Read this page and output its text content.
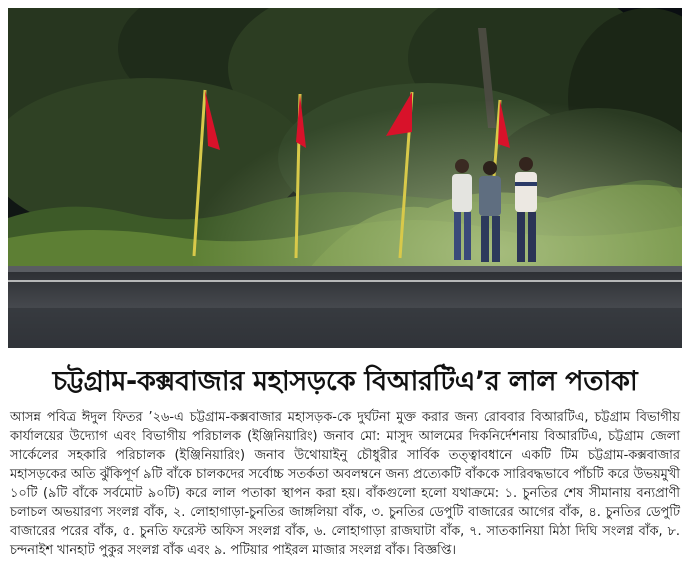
চট্টগ্রাম-কক্সবাজার মহাসড়কে বিআরটিএ’র লাল পতাকা

আসন্ন পবিত্র ঈদুল ফিতর ’২৬-এ চট্টগ্রাম-কক্সবাজার মহাসড়ক-কে দুর্ঘটনা মুক্ত করার জন্য রোববার বিআরটিএ, চট্টগ্রাম বিভাগীয় কার্যালয়ের উদ্যোগ এবং বিভাগীয় পরিচালক (ইঞ্জিনিয়ারিং) জনাব মো: মাসুদ আলমের দিকনির্দেশনায় বিআরটিএ, চট্টগ্রাম জেলা সার্কেলের সহকারি পরিচালক (ইঞ্জিনিয়ারিং) জনাব উথোয়াইনু চৌধুরীর সার্বিক তত্ত্বাবধানে একটি টিম চট্টগ্রাম-কক্সবাজার মহাসড়কের অতি ঝুঁকিপূর্ণ ৯টি বাঁকে চালকদের সর্বোচ্চ সতর্কতা অবলম্বনে জন্য প্রত্যেকটি বাঁককে সারিবদ্ধভাবে পাঁচটি করে উভয়মুখী ১০টি (৯টি বাঁকে সর্বমোট ৯০টি) করে লাল পতাকা স্থাপন করা হয়। বাঁকগুলো হলো যথাক্রমে: ১. চুনতির শেষ সীমানায় বন্যপ্রাণী চলাচল অভয়ারণ্য সংলগ্ন বাঁক, ২. লোহাগাড়া-চুনতির জাঙ্গলিয়া বাঁক, ৩. চুনতির ডেপুটি বাজারের আগের বাঁক, ৪. চুনতির ডেপুটি বাজারের পরের বাঁক, ৫. চুনতি ফরেস্ট অফিস সংলগ্ন বাঁক, ৬. লোহাগাড়া রাজঘাটা বাঁক, ৭. সাতকানিয়া মিঠা দিঘি সংলগ্ন বাঁক, ৮. চন্দনাইশ খানহাট পুকুর সংলগ্ন বাঁক এবং ৯. পটিয়ার পাইরল মাজার সংলগ্ন বাঁক। বিজ্ঞপ্তি।
